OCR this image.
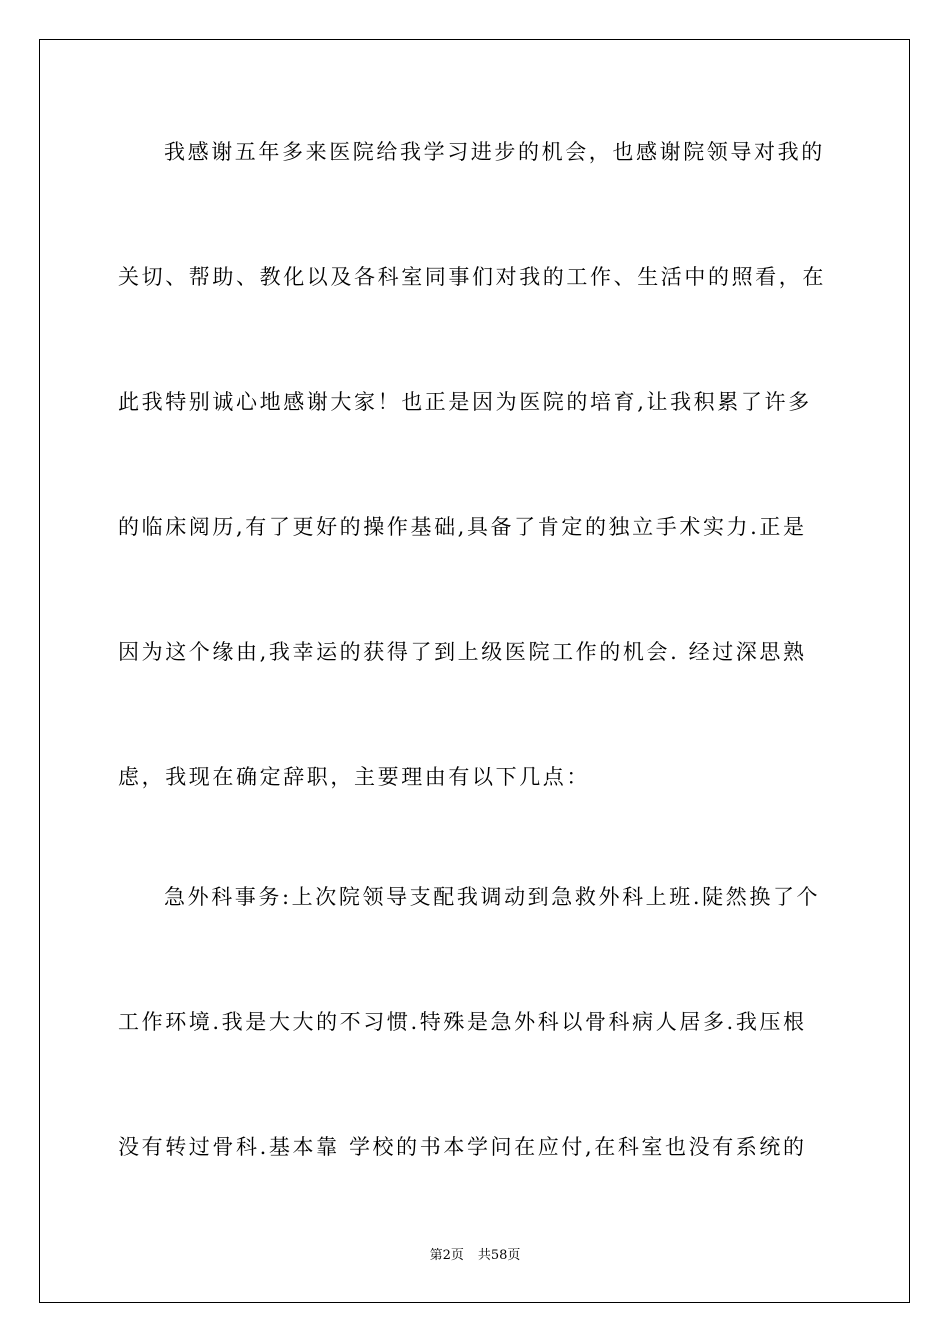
我感谢五年多来医院给我学习进步的机会，也感谢院领导对我的
关切、帮助、教化以及各科室同事们对我的工作、生活中的照看，在
此我特别诚心地感谢大家！也正是因为医院的培育,让我积累了许多
的临床阅历,有了更好的操作基础,具备了肯定的独立手术实力.正是
因为这个缘由,我幸运的获得了到上级医院工作的机会. 经过深思熟
虑，我现在确定辞职，主要理由有以下几点：
急外科事务:上次院领导支配我调动到急救外科上班.陡然换了个
工作环境.我是大大的不习惯.特殊是急外科以骨科病人居多.我压根
没有转过骨科.基本靠 学校的书本学问在应付,在科室也没有系统的
第2页 共58页
